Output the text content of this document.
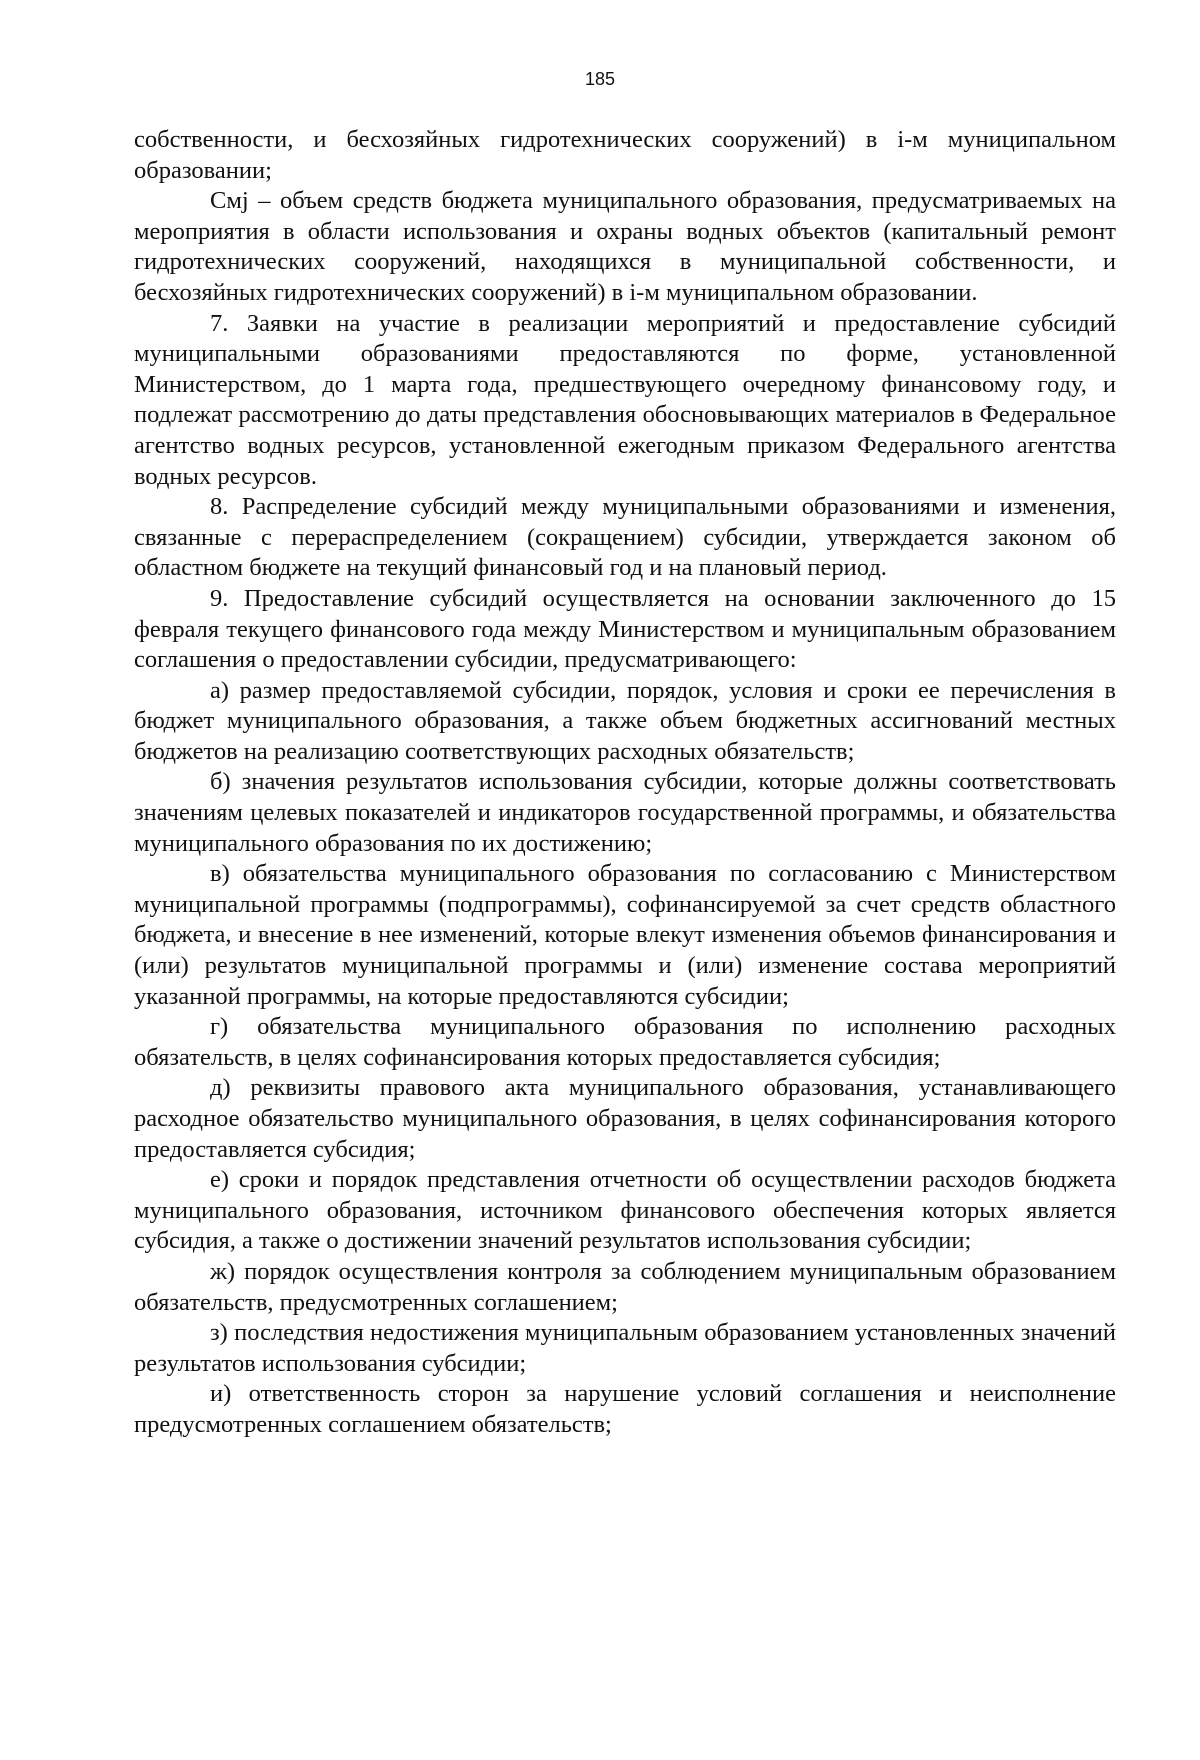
185

собственности, и бесхозяйных гидротехнических сооружений) в i-м муниципальном образовании;

Cмj – объем средств бюджета муниципального образования, предусматриваемых на мероприятия в области использования и охраны водных объектов (капитальный ремонт гидротехнических сооружений, находящихся в муниципальной собственности, и бесхозяйных гидротехнических сооружений) в i-м муниципальном образовании.

7. Заявки на участие в реализации мероприятий и предоставление субсидий муниципальными образованиями предоставляются по форме, установленной Министерством, до 1 марта года, предшествующего очередному финансовому году, и подлежат рассмотрению до даты представления обосновывающих материалов в Федеральное агентство водных ресурсов, установленной ежегодным приказом Федерального агентства водных ресурсов.

8. Распределение субсидий между муниципальными образованиями и изменения, связанные с перераспределением (сокращением) субсидии, утверждается законом об областном бюджете на текущий финансовый год и на плановый период.

9. Предоставление субсидий осуществляется на основании заключенного до 15 февраля текущего финансового года между Министерством и муниципальным образованием соглашения о предоставлении субсидии, предусматривающего:

а) размер предоставляемой субсидии, порядок, условия и сроки ее перечисления в бюджет муниципального образования, а также объем бюджетных ассигнований местных бюджетов на реализацию соответствующих расходных обязательств;

б) значения результатов использования субсидии, которые должны соответствовать значениям целевых показателей и индикаторов государственной программы, и обязательства муниципального образования по их достижению;

в) обязательства муниципального образования по согласованию с Министерством муниципальной программы (подпрограммы), софинансируемой за счет средств областного бюджета, и внесение в нее изменений, которые влекут изменения объемов финансирования и (или) результатов муниципальной программы и (или) изменение состава мероприятий указанной программы, на которые предоставляются субсидии;

г) обязательства муниципального образования по исполнению расходных обязательств, в целях софинансирования которых предоставляется субсидия;

д) реквизиты правового акта муниципального образования, устанавливающего расходное обязательство муниципального образования, в целях софинансирования которого предоставляется субсидия;

е) сроки и порядок представления отчетности об осуществлении расходов бюджета муниципального образования, источником финансового обеспечения которых является субсидия, а также о достижении значений результатов использования субсидии;

ж) порядок осуществления контроля за соблюдением муниципальным образованием обязательств, предусмотренных соглашением;

з) последствия недостижения муниципальным образованием установленных значений результатов использования субсидии;

и) ответственность сторон за нарушение условий соглашения и неисполнение предусмотренных соглашением обязательств;
